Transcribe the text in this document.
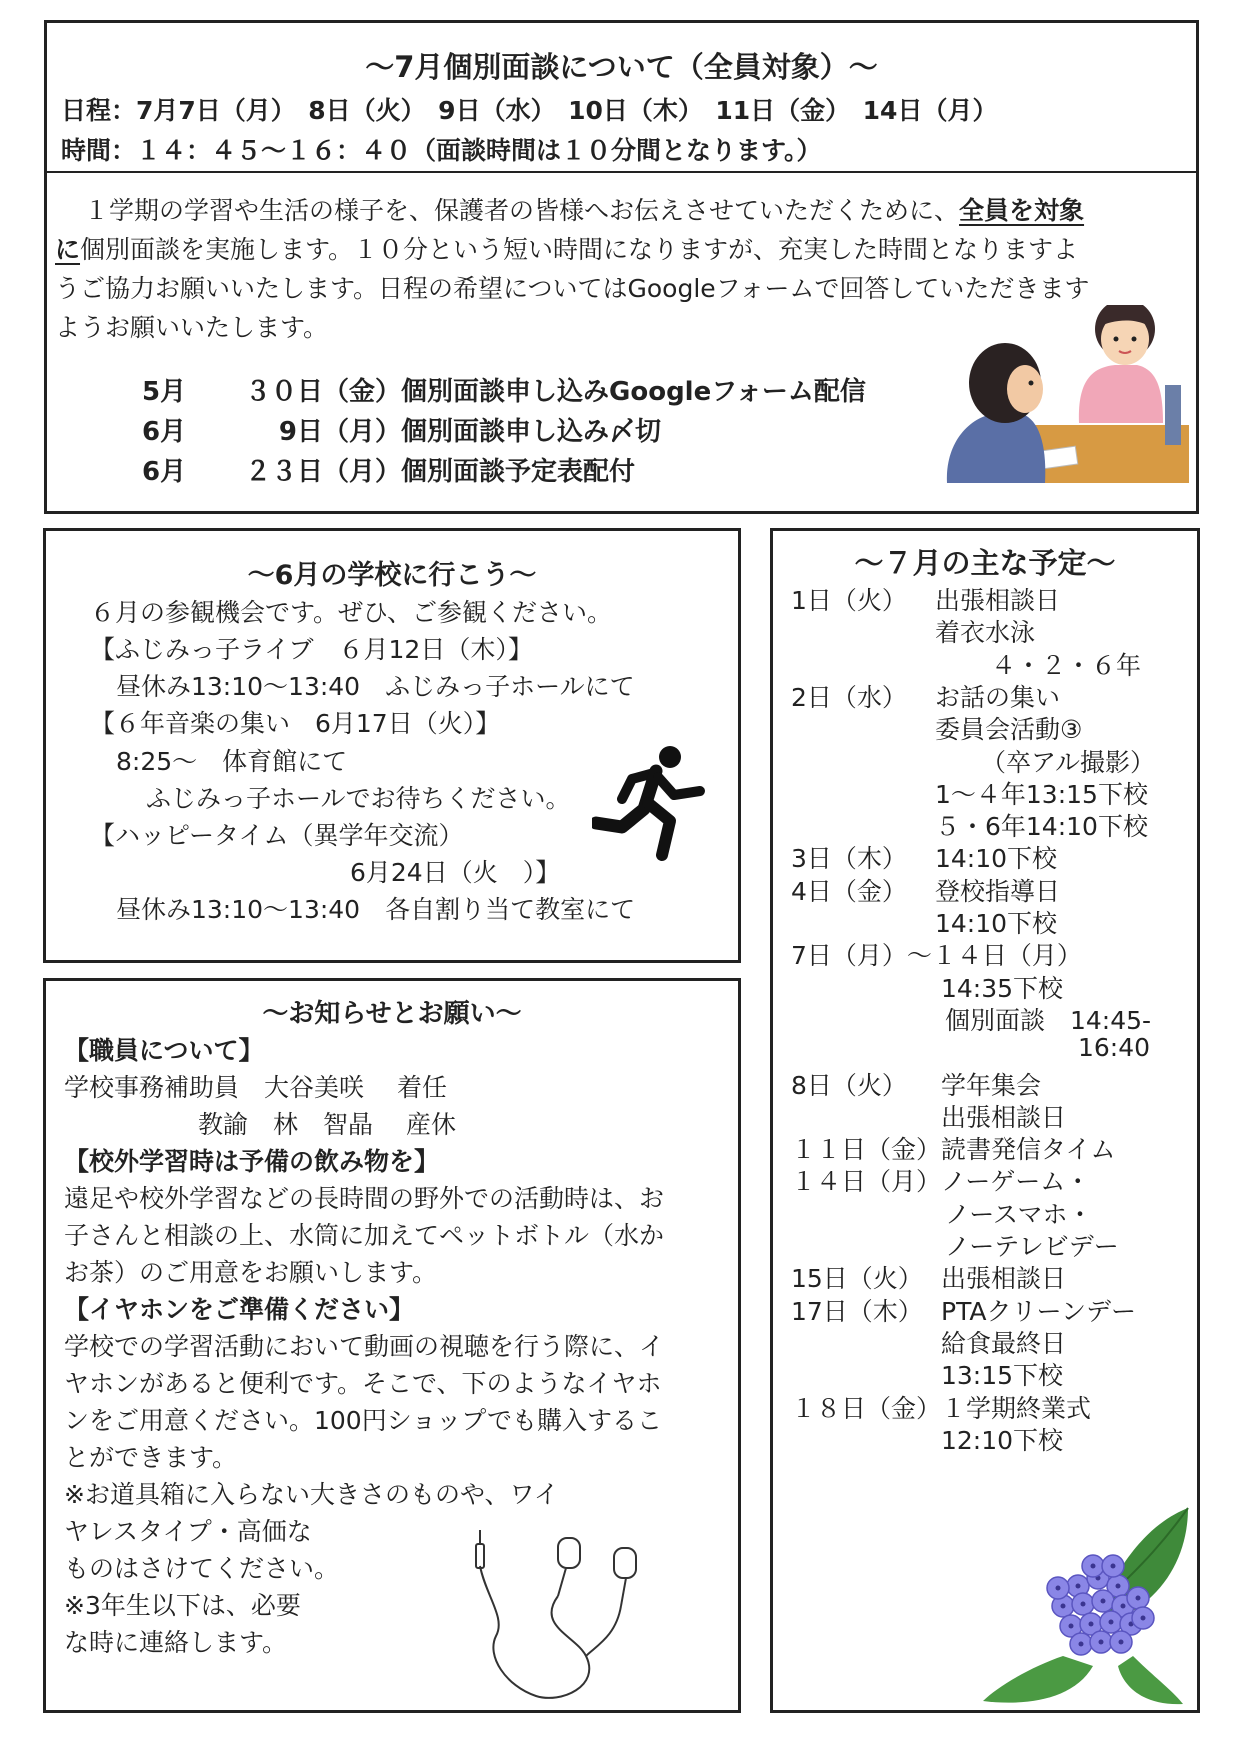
～7月個別面談について（全員対象）～
日程：7月7日（月）　8日（火）　9日（水）　10日（木）　11日（金）　14日（月）
時間：１４：４５～１６：４０（面談時間は１０分間となります。）
　１学期の学習や生活の様子を、保護者の皆様へお伝えさせていただくために、全員を対象
に個別面談を実施します。１０分という短い時間になりますが、充実した時間となりますよ
うご協力お願いいたします。日程の希望についてはGoogleフォームで回答していただきます
ようお願いいたします。
5月 ３０日（金）個別面談申し込みGoogleフォーム配信
6月	9日（月）個別面談申し込み〆切
6月 ２３日（月）個別面談予定表配付
～6月の学校に行こう～
６月の参観機会です。ぜひ、ご参観ください。
【ふじみっ子ライブ　６月12日（木）】
昼休み13:10～13:40　ふじみっ子ホールにて
【６年音楽の集い　6月17日（火）】
8:25～　体育館にて
ふじみっ子ホールでお待ちください。
【ハッピータイム（異学年交流）
6月24日（火　）】
昼休み13:10～13:40　各自割り当て教室にて
～７月の主な予定～
1日（火） 出張相談日
着衣水泳
４・２・６年
2日（水） お話の集い
委員会活動③
（卒アル撮影）
1～４年13:15下校
５・6年14:10下校
3日（木） 14:10下校
4日（金） 登校指導日
14:10下校
7日（月）～１４日（月）
14:35下校
個別面談　14:45-
16:40
8日（火） 学年集会
出張相談日
１１日（金） 読書発信タイム
１４日（月） ノーゲーム・
ノースマホ・
ノーテレビデー
15日（火） 出張相談日
17日（木） PTAクリーンデー
給食最終日
13:15下校
１８日（金） １学期終業式
12:10下校
～お知らせとお願い～
【職員について】
学校事務補助員　大谷美咲　 着任
教諭　林　智晶　 産休
【校外学習時は予備の飲み物を】
遠足や校外学習などの長時間の野外での活動時は、お
子さんと相談の上、水筒に加えてペットボトル（水か
お茶）のご用意をお願いします。
【イヤホンをご準備ください】
学校での学習活動において動画の視聴を行う際に、イ
ヤホンがあると便利です。そこで、下のようなイヤホ
ンをご用意ください。100円ショップでも購入するこ
とができます。
※お道具箱に入らない大きさのものや、ワイ
ヤレスタイプ・高価な
ものはさけてください。
※3年生以下は、必要
な時に連絡します。
